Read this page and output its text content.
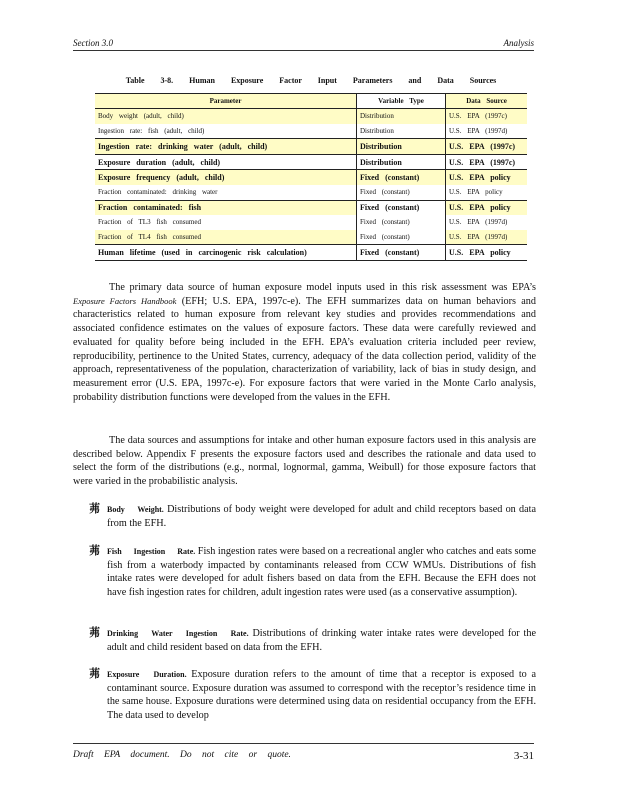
Section 3.0	Analysis
Table 3-8. Human Exposure Factor Input Parameters and Data Sources
Parameter	Variable Type	Data Source
Body weight (adult, child)	Distribution	U.S. EPA (1997c)
Ingestion rate: fish (adult, child)	Distribution	U.S. EPA (1997d)
Ingestion rate: drinking water (adult, child)	Distribution	U.S. EPA (1997c)
Exposure duration (adult, child)	Distribution	U.S. EPA (1997c)
Exposure frequency (adult, child)	Fixed (constant)	U.S. EPA policy
Fraction contaminated: drinking water	Fixed (constant)	U.S. EPA policy
Fraction contaminated: fish	Fixed (constant)	U.S. EPA policy
Fraction of TL3 fish consumed	Fixed (constant)	U.S. EPA (1997d)
Fraction of TL4 fish consumed	Fixed (constant)	U.S. EPA (1997d)
Human lifetime (used in carcinogenic risk calculation)	Fixed (constant)	U.S. EPA policy
The primary data source of human exposure model inputs used in this risk assessment was EPA’s Exposure Factors Handbook (EFH; U.S. EPA, 1997c-e). The EFH summarizes data on human behaviors and characteristics related to human exposure from relevant key studies and provides recommendations and associated confidence estimates on the values of exposure factors. These data were carefully reviewed and evaluated for quality before being included in the EFH. EPA’s evaluation criteria included peer review, reproducibility, pertinence to the United States, currency, adequacy of the data collection period, validity of the approach, representativeness of the population, characterization of variability, lack of bias in study design, and measurement error (U.S. EPA, 1997c-e). For exposure factors that were varied in the Monte Carlo analysis, probability distribution functions were developed from the values in the EFH.
The data sources and assumptions for intake and other human exposure factors used in this analysis are described below. Appendix F presents the exposure factors used and describes the rationale and data used to select the form of the distributions (e.g., normal, lognormal, gamma, Weibull) for those exposure factors that were varied in the probabilistic analysis.
茀 Body Weight. Distributions of body weight were developed for adult and child receptors based on data from the EFH.
茀 Fish Ingestion Rate. Fish ingestion rates were based on a recreational angler who catches and eats some fish from a waterbody impacted by contaminants released from CCW WMUs. Distributions of fish intake rates were developed for adult fishers based on data from the EFH. Because the EFH does not have fish ingestion rates for children, adult ingestion rates were used (as a conservative assumption).
茀 Drinking Water Ingestion Rate. Distributions of drinking water intake rates were developed for the adult and child resident based on data from the EFH.
茀 Exposure Duration. Exposure duration refers to the amount of time that a receptor is exposed to a contaminant source. Exposure duration was assumed to correspond with the receptor’s residence time in the same house. Exposure durations were determined using data on residential occupancy from the EFH. The data used to develop
Draft EPA document. Do not cite or quote.	3-31
